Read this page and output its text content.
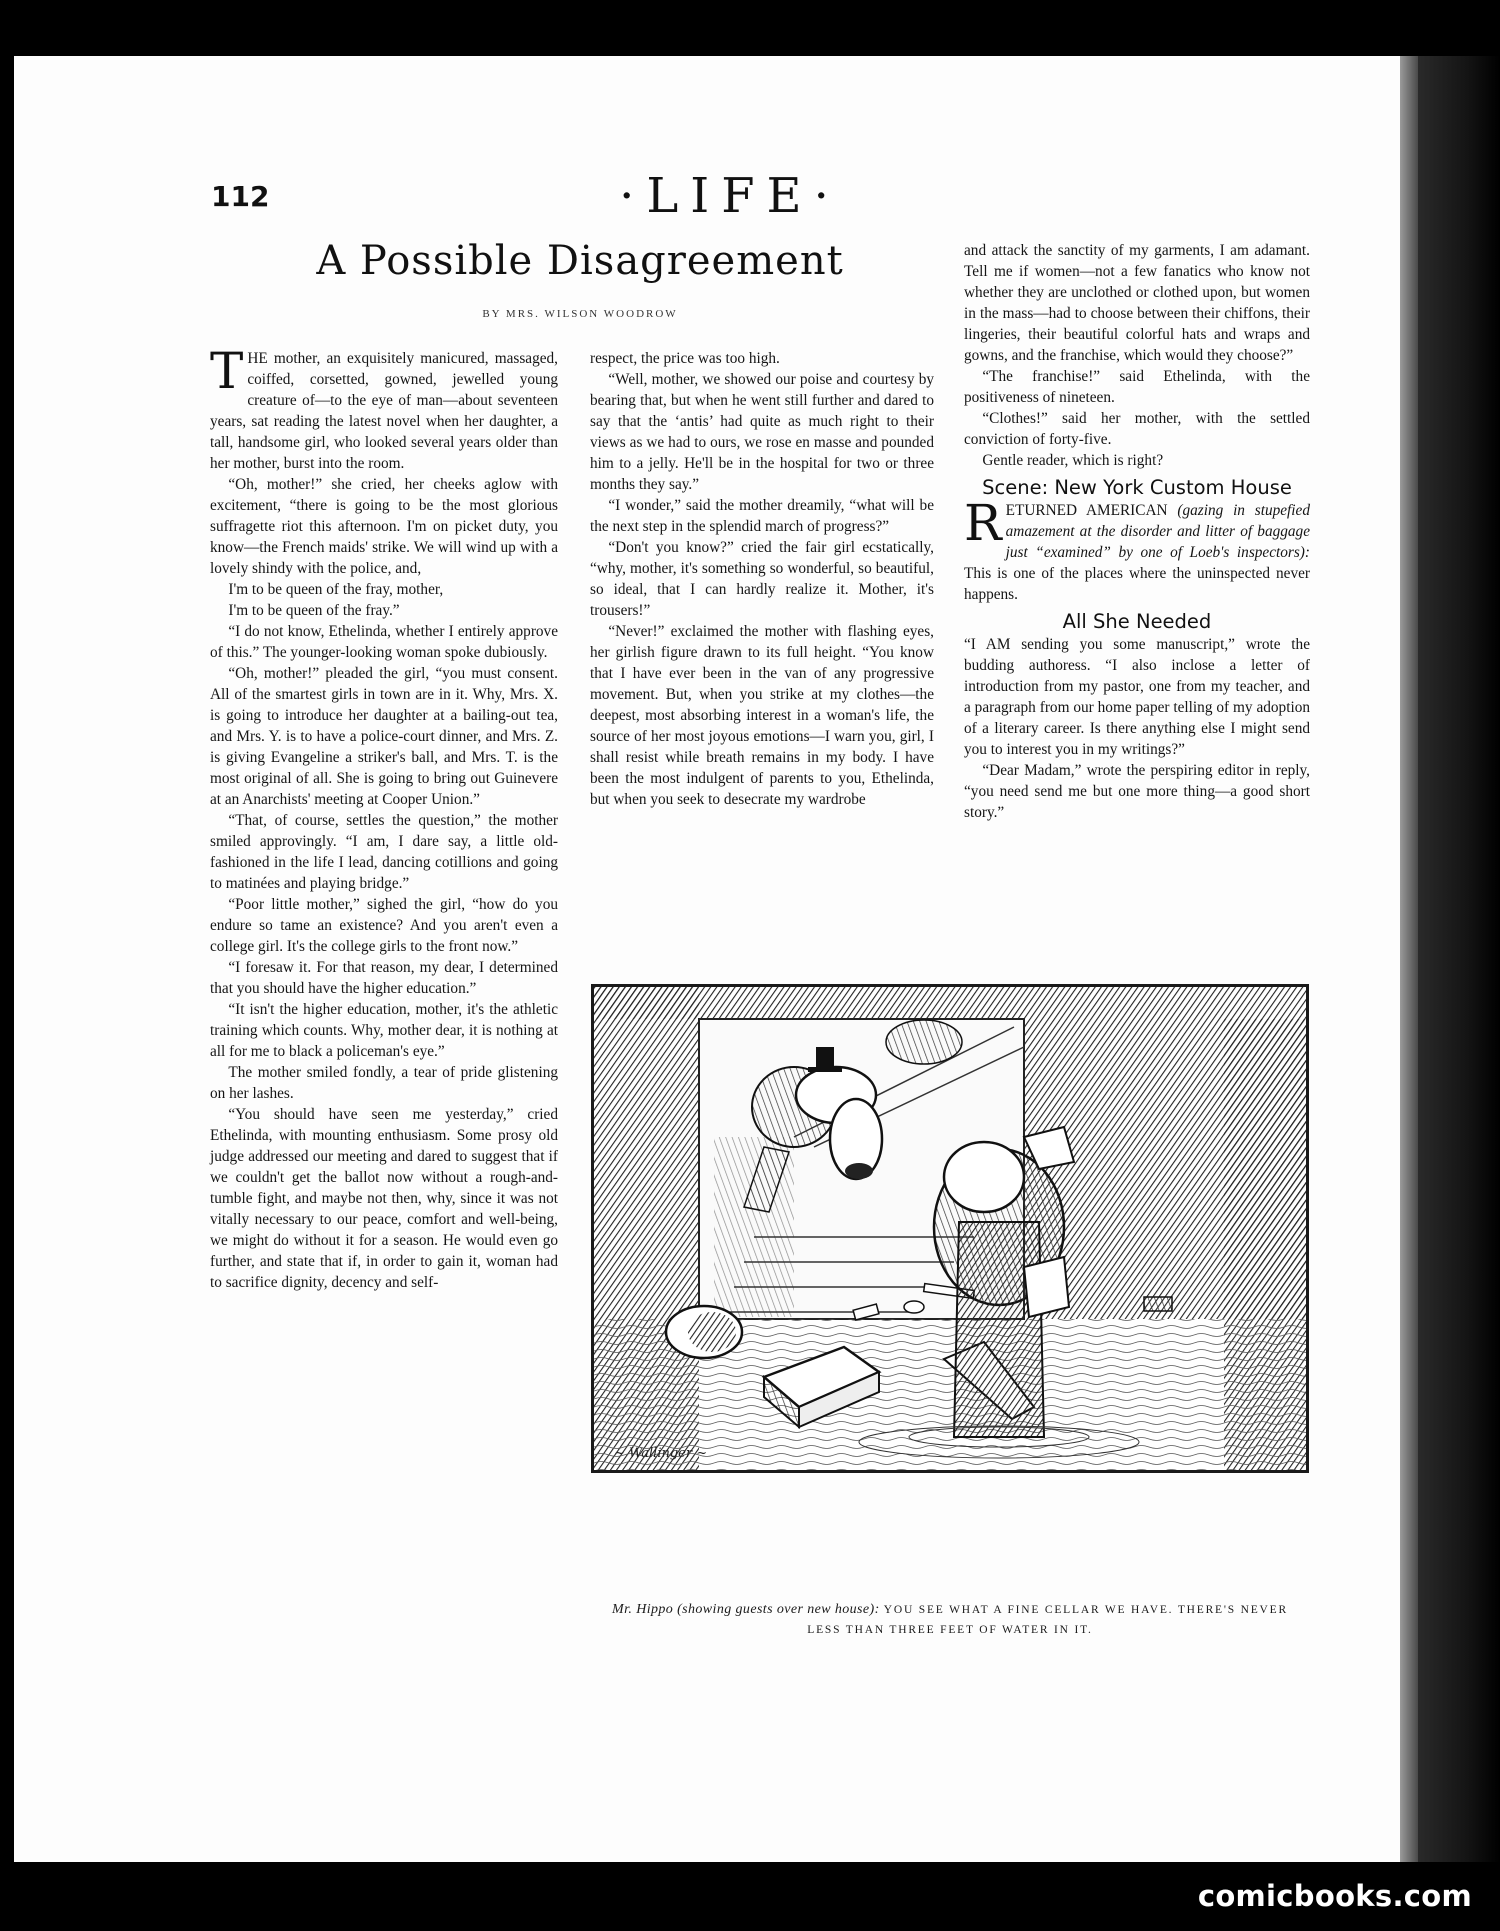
112	·LIFE·
A Possible Disagreement
BY MRS. WILSON WOODROW

THE mother, an exquisitely manicured, massaged, coiffed, corsetted, gowned, jewelled young creature of—to the eye of man—about seventeen years, sat reading the latest novel when her daughter, a tall, handsome girl, who looked several years older than her mother, burst into the room.

“Oh, mother!” she cried, her cheeks aglow with excitement, “there is going to be the most glorious suffragette riot this afternoon. I'm on picket duty, you know—the French maids' strike. We will wind up with a lovely shindy with the police, and,

I'm to be queen of the fray, mother,

I'm to be queen of the fray.”

“I do not know, Ethelinda, whether I entirely approve of this.” The younger-looking woman spoke dubiously.

“Oh, mother!” pleaded the girl, “you must consent. All of the smartest girls in town are in it. Why, Mrs. X. is going to introduce her daughter at a bailing-out tea, and Mrs. Y. is to have a police-court dinner, and Mrs. Z. is giving Evangeline a striker's ball, and Mrs. T. is the most original of all. She is going to bring out Guinevere at an Anarchists' meeting at Cooper Union.”

“That, of course, settles the question,” the mother smiled approvingly. “I am, I dare say, a little old-fashioned in the life I lead, dancing cotillions and going to matinées and playing bridge.”

“Poor little mother,” sighed the girl, “how do you endure so tame an existence? And you aren't even a college girl. It's the college girls to the front now.”

“I foresaw it. For that reason, my dear, I determined that you should have the higher education.”

“It isn't the higher education, mother, it's the athletic training which counts. Why, mother dear, it is nothing at all for me to black a policeman's eye.”

The mother smiled fondly, a tear of pride glistening on her lashes.

“You should have seen me yesterday,” cried Ethelinda, with mounting enthusiasm. Some prosy old judge addressed our meeting and dared to suggest that if we couldn't get the ballot now without a rough-and-tumble fight, and maybe not then, why, since it was not vitally necessary to our peace, comfort and well-being, we might do without it for a season. He would even go further, and state that if, in order to gain it, woman had to sacrifice dignity, decency and self-

respect, the price was too high.

“Well, mother, we showed our poise and courtesy by bearing that, but when he went still further and dared to say that the ‘antis’ had quite as much right to their views as we had to ours, we rose en masse and pounded him to a jelly. He'll be in the hospital for two or three months they say.”

“I wonder,” said the mother dreamily, “what will be the next step in the splendid march of progress?”

“Don't you know?” cried the fair girl ecstatically, “why, mother, it's something so wonderful, so beautiful, so ideal, that I can hardly realize it. Mother, it's trousers!”

“Never!” exclaimed the mother with flashing eyes, her girlish figure drawn to its full height. “You know that I have ever been in the van of any progressive movement. But, when you strike at my clothes—the deepest, most absorbing interest in a woman's life, the source of her most joyous emotions—I warn you, girl, I shall resist while breath remains in my body. I have been the most indulgent of parents to you, Ethelinda, but when you seek to desecrate my wardrobe

and attack the sanctity of my garments, I am adamant. Tell me if women—not a few fanatics who know not whether they are unclothed or clothed upon, but women in the mass—had to choose between their chiffons, their lingeries, their beautiful colorful hats and wraps and gowns, and the franchise, which would they choose?”

“The franchise!” said Ethelinda, with the positiveness of nineteen.

“Clothes!” said her mother, with the settled conviction of forty-five.

Gentle reader, which is right?

Scene: New York Custom House

RETURNED AMERICAN (gazing in stupefied amazement at the disorder and litter of baggage just “examined” by one of Loeb's inspectors): This is one of the places where the uninspected never happens.

All She Needed

“I AM sending you some manuscript,” wrote the budding authoress. “I also inclose a letter of introduction from my pastor, one from my teacher, and a paragraph from our home paper telling of my adoption of a literary career. Is there anything else I might send you to interest you in my writings?”

“Dear Madam,” wrote the perspiring editor in reply, “you need send me but one more thing—a good short story.”

~ Wallinger ~
Mr. Hippo (showing guests over new house): YOU SEE WHAT A FINE CELLAR WE HAVE. THERE'S NEVER LESS THAN THREE FEET OF WATER IN IT.
comicbooks.com
